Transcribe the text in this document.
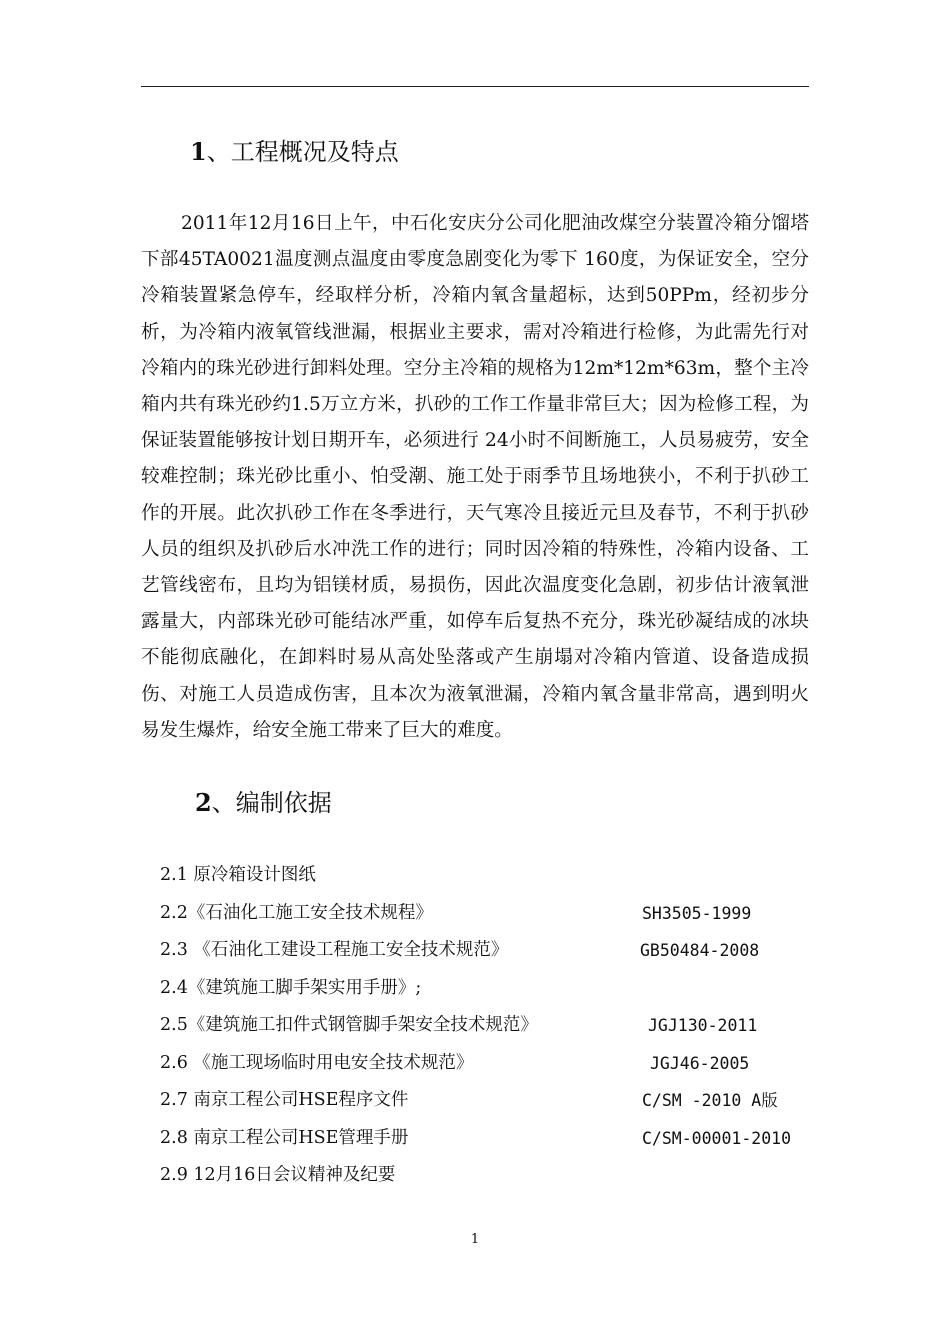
1、工程概况及特点

2011年12月16日上午，中石化安庆分公司化肥油改煤空分装置冷箱分馏塔下部45TA0021温度测点温度由零度急剧变化为零下 160度，为保证安全，空分冷箱装置紧急停车，经取样分析，冷箱内氧含量超标，达到50PPm，经初步分析，为冷箱内液氧管线泄漏，根据业主要求，需对冷箱进行检修，为此需先行对冷箱内的珠光砂进行卸料处理。空分主冷箱的规格为12m*12m*63m，整个主冷箱内共有珠光砂约1.5万立方米，扒砂的工作工作量非常巨大；因为检修工程，为保证装置能够按计划日期开车，必须进行 24小时不间断施工，人员易疲劳，安全较难控制；珠光砂比重小、怕受潮、施工处于雨季节且场地狭小，不利于扒砂工作的开展。此次扒砂工作在冬季进行，天气寒冷且接近元旦及春节，不利于扒砂人员的组织及扒砂后水冲洗工作的进行；同时因冷箱的特殊性，冷箱内设备、工艺管线密布，且均为铝镁材质，易损伤，因此次温度变化急剧，初步估计液氧泄露量大，内部珠光砂可能结冰严重，如停车后复热不充分，珠光砂凝结成的冰块不能彻底融化，在卸料时易从高处坠落或产生崩塌对冷箱内管道、设备造成损伤、对施工人员造成伤害，且本次为液氧泄漏，冷箱内氧含量非常高，遇到明火易发生爆炸，给安全施工带来了巨大的难度。

2、编制依据
2.1 原冷箱设计图纸
2.2《石油化工施工安全技术规程》	SH3505-1999
2.3 《石油化工建设工程施工安全技术规范》	GB50484-2008
2.4《建筑施工脚手架实用手册》;
2.5《建筑施工扣件式钢管脚手架安全技术规范》	JGJ130-2011
2.6 《施工现场临时用电安全技术规范》	JGJ46-2005
2.7 南京工程公司HSE程序文件	C/SM -2010 A版
2.8 南京工程公司HSE管理手册	C/SM-00001-2010
2.9 12月16日会议精神及纪要
1
